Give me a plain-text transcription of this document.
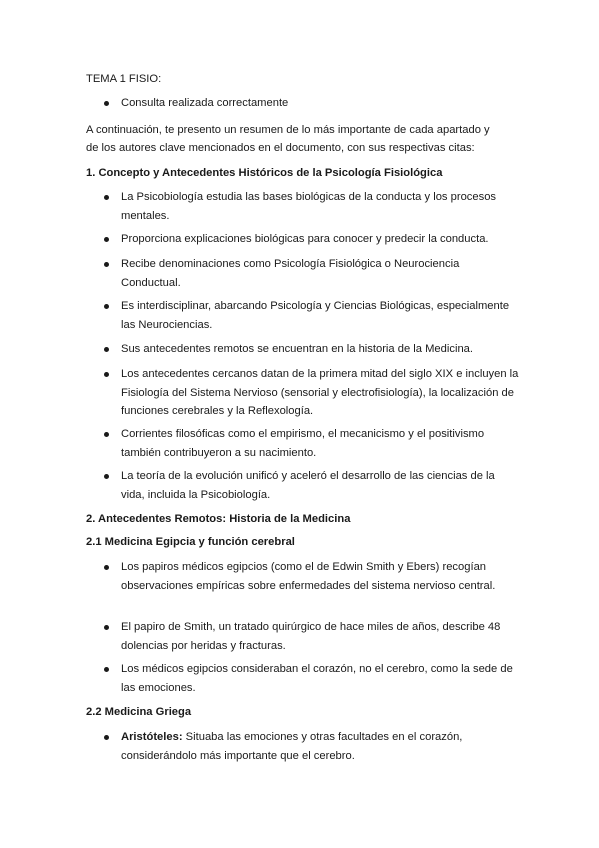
TEMA 1 FISIO:
Consulta realizada correctamente
A continuación, te presento un resumen de lo más importante de cada apartado y
de los autores clave mencionados en el documento, con sus respectivas citas:
1. Concepto y Antecedentes Históricos de la Psicología Fisiológica
La Psicobiología estudia las bases biológicas de la conducta y los procesos mentales.
Proporciona explicaciones biológicas para conocer y predecir la conducta.
Recibe denominaciones como Psicología Fisiológica o Neurociencia Conductual.
Es interdisciplinar, abarcando Psicología y Ciencias Biológicas, especialmente las Neurociencias.
Sus antecedentes remotos se encuentran en la historia de la Medicina.
Los antecedentes cercanos datan de la primera mitad del siglo XIX e incluyen la Fisiología del Sistema Nervioso (sensorial y electrofisiología), la localización de funciones cerebrales y la Reflexología.
Corrientes filosóficas como el empirismo, el mecanicismo y el positivismo también contribuyeron a su nacimiento.
La teoría de la evolución unificó y aceleró el desarrollo de las ciencias de la vida, incluida la Psicobiología.
2. Antecedentes Remotos: Historia de la Medicina
2.1 Medicina Egipcia y función cerebral
Los papiros médicos egipcios (como el de Edwin Smith y Ebers) recogían observaciones empíricas sobre enfermedades del sistema nervioso central.
El papiro de Smith, un tratado quirúrgico de hace miles de años, describe 48 dolencias por heridas y fracturas.
Los médicos egipcios consideraban el corazón, no el cerebro, como la sede de las emociones.
2.2 Medicina Griega
Aristóteles: Situaba las emociones y otras facultades en el corazón, considerándolo más importante que el cerebro.
